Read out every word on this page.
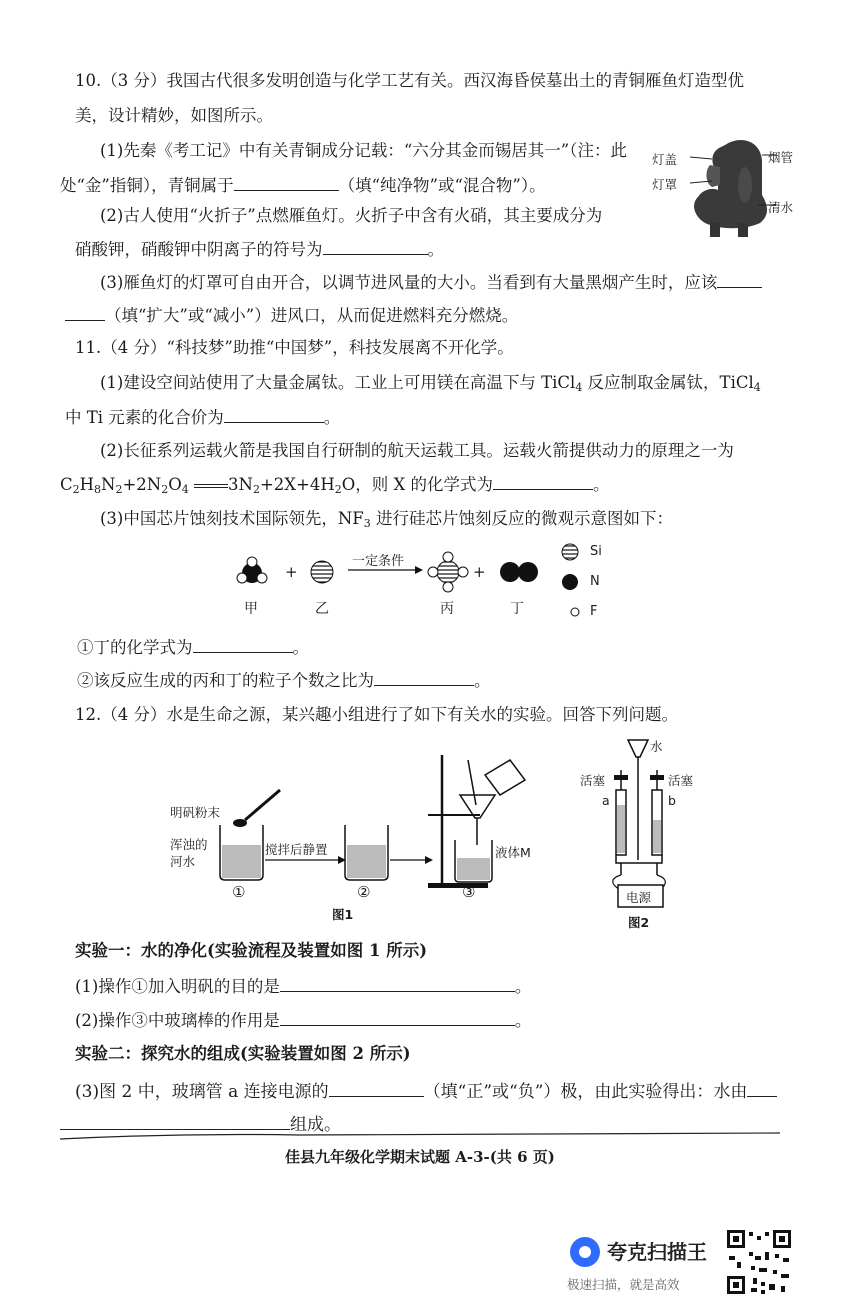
10.（3 分）我国古代很多发明创造与化学工艺有关。西汉海昏侯墓出土的青铜雁鱼灯造型优
美，设计精妙，如图所示。
(1)先秦《考工记》中有关青铜成分记载：“六分其金而锡居其一”（注：此
处“金”指铜），青铜属于	（填“纯净物”或“混合物”）。
(2)古人使用“火折子”点燃雁鱼灯。火折子中含有火硝，其主要成分为
硝酸钾，硝酸钾中阴离子的符号为	。
(3)雁鱼灯的灯罩可自由开合，以调节进风量的大小。当看到有大量黑烟产生时，应该
（填“扩大”或“减小”）进风口，从而促进燃料充分燃烧。
灯盖
灯罩
烟管
清水
11.（4 分）“科技梦”助推“中国梦”，科技发展离不开化学。
(1)建设空间站使用了大量金属钛。工业上可用镁在高温下与 TiCl$_4$ 反应制取金属钛，TiCl$_4$
中 Ti 元素的化合价为	。
(2)长征系列运载火箭是我国自行研制的航天运载工具。运载火箭提供动力的原理之一为
$C_2H_8N_2+2N_2O_4$ $3N_2+2X+4H_2O$，则 X 的化学式为	。
(3)中国芯片蚀刻技术国际领先，$NF_3$ 进行硅芯片蚀刻反应的微观示意图如下：
+	+
一定条件
甲	乙	丙	丁
Si
N
F
①丁的化学式为	。
②该反应生成的丙和丁的粒子个数之比为	。
12.（4 分）水是生命之源，某兴趣小组进行了如下有关水的实验。回答下列问题。
明矾粉末
浑浊的
河水
搅拌后静置	液体M
①	②	③
图1
水
活塞	活塞
a	b
电源
图2
实验一：水的净化(实验流程及装置如图 1 所示)
(1)操作①加入明矾的目的是	。
(2)操作③中玻璃棒的作用是	。
实验二：探究水的组成(实验装置如图 2 所示)
(3)图 2 中，玻璃管 a 连接电源的	（填“正”或“负”）极，由此实验得出：水由
组成。
佳县九年级化学期末试题 A-3-(共 6 页)
夸克扫描王
极速扫描，就是高效
